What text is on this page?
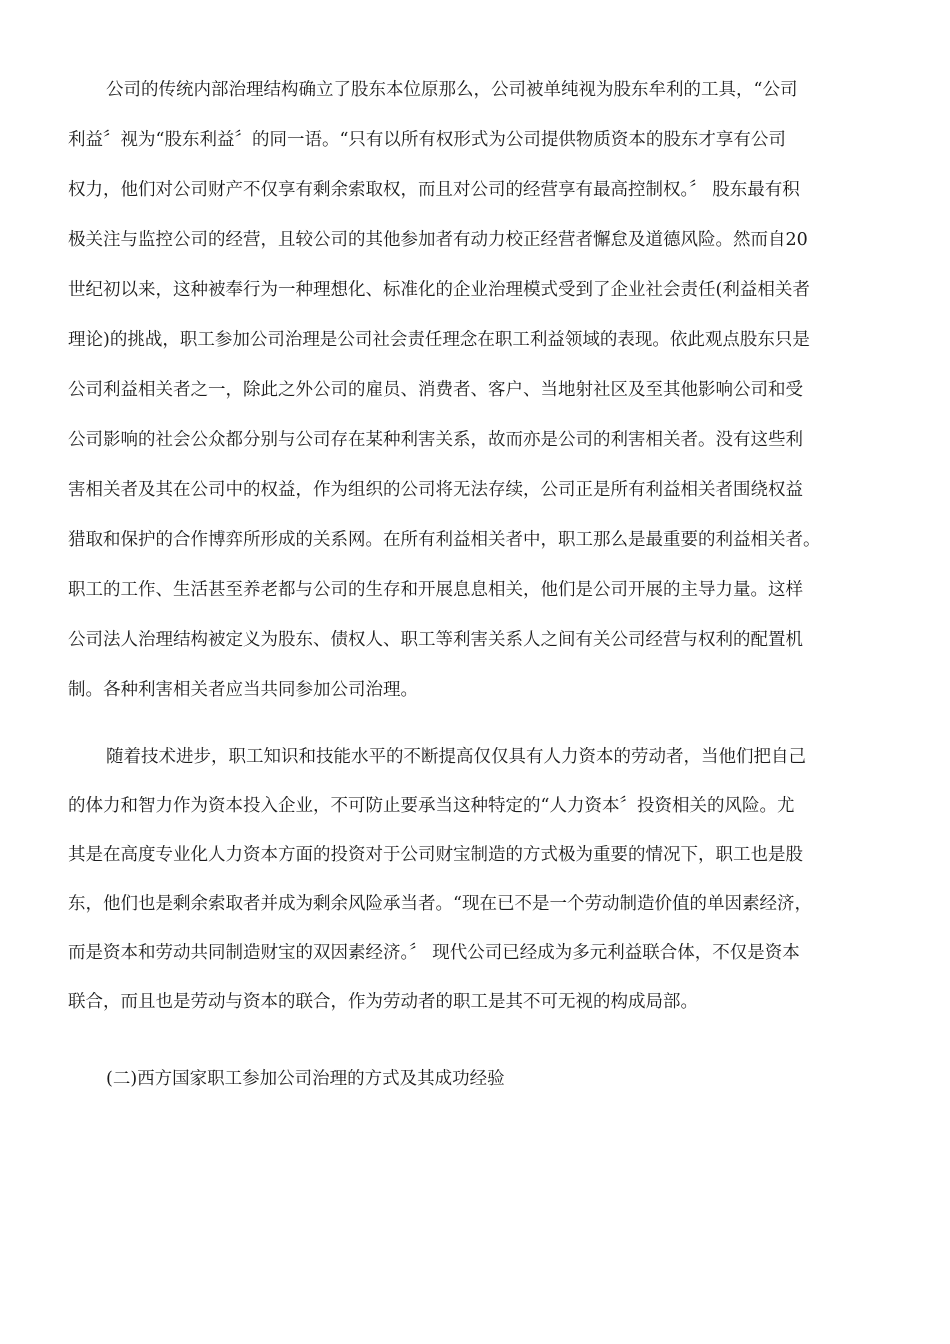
公司的传统内部治理结构确立了股东本位原那么，公司被单纯视为股东牟利的工具，“公司
利益〞视为“股东利益〞的同一语。“只有以所有权形式为公司提供物质资本的股东才享有公司
权力，他们对公司财产不仅享有剩余索取权，而且对公司的经营享有最高控制权。〞 股东最有积
极关注与监控公司的经营，且较公司的其他参加者有动力校正经营者懈怠及道德风险。然而自20
世纪初以来，这种被奉行为一种理想化、标准化的企业治理模式受到了企业社会责任(利益相关者
理论)的挑战，职工参加公司治理是公司社会责任理念在职工利益领域的表现。依此观点股东只是
公司利益相关者之一，除此之外公司的雇员、消费者、客户、当地射社区及至其他影响公司和受
公司影响的社会公众都分别与公司存在某种利害关系，故而亦是公司的利害相关者。没有这些利
害相关者及其在公司中的权益，作为组织的公司将无法存续，公司正是所有利益相关者围绕权益
猎取和保护的合作博弈所形成的关系网。在所有利益相关者中，职工那么是最重要的利益相关者。
职工的工作、生活甚至养老都与公司的生存和开展息息相关，他们是公司开展的主导力量。这样
公司法人治理结构被定义为股东、债权人、职工等利害关系人之间有关公司经营与权利的配置机
制。各种利害相关者应当共同参加公司治理。
随着技术进步，职工知识和技能水平的不断提高仅仅具有人力资本的劳动者，当他们把自己
的体力和智力作为资本投入企业，不可防止要承当这种特定的“人力资本〞投资相关的风险。尤
其是在高度专业化人力资本方面的投资对于公司财宝制造的方式极为重要的情况下，职工也是股
东，他们也是剩余索取者并成为剩余风险承当者。“现在已不是一个劳动制造价值的单因素经济，
而是资本和劳动共同制造财宝的双因素经济。〞 现代公司已经成为多元利益联合体，不仅是资本
联合，而且也是劳动与资本的联合，作为劳动者的职工是其不可无视的构成局部。
(二)西方国家职工参加公司治理的方式及其成功经验
